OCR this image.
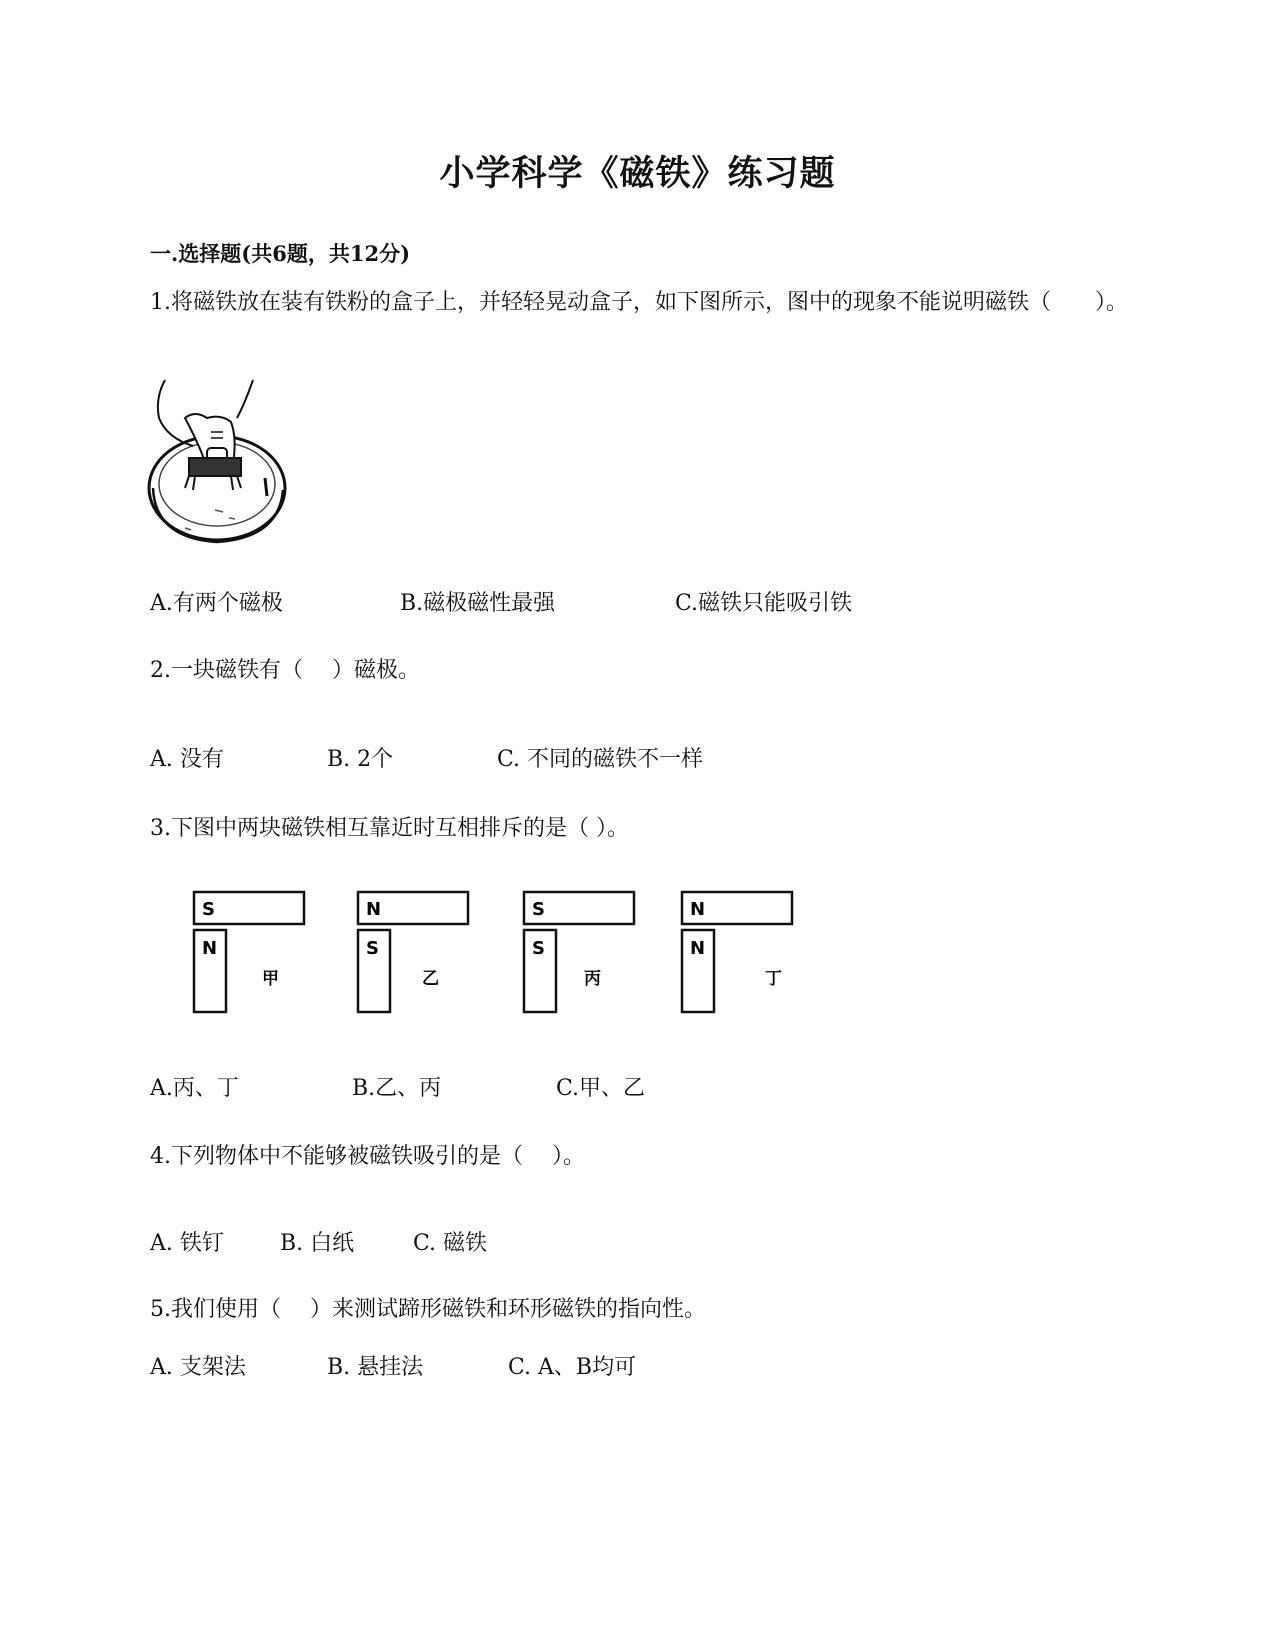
小学科学《磁铁》练习题
一.选择题(共6题，共12分)
1.将磁铁放在装有铁粉的盒子上，并轻轻晃动盒子，如下图所示，图中的现象不能说明磁铁（　　）。
A.有两个磁极	B.磁极磁性最强	C.磁铁只能吸引铁
2.一块磁铁有（　 ）磁极。
A. 没有	B. 2个	C. 不同的磁铁不一样
3.下图中两块磁铁相互靠近时互相排斥的是（ ）。
S
N
甲
N
S
乙
S
S
丙
N
N
丁
A.丙、丁	B.乙、丙	C.甲、乙
4.下列物体中不能够被磁铁吸引的是（　 ）。
A. 铁钉	B. 白纸	C. 磁铁
5.我们使用（　 ）来测试蹄形磁铁和环形磁铁的指向性。
A. 支架法	B. 悬挂法	C. A、B均可
